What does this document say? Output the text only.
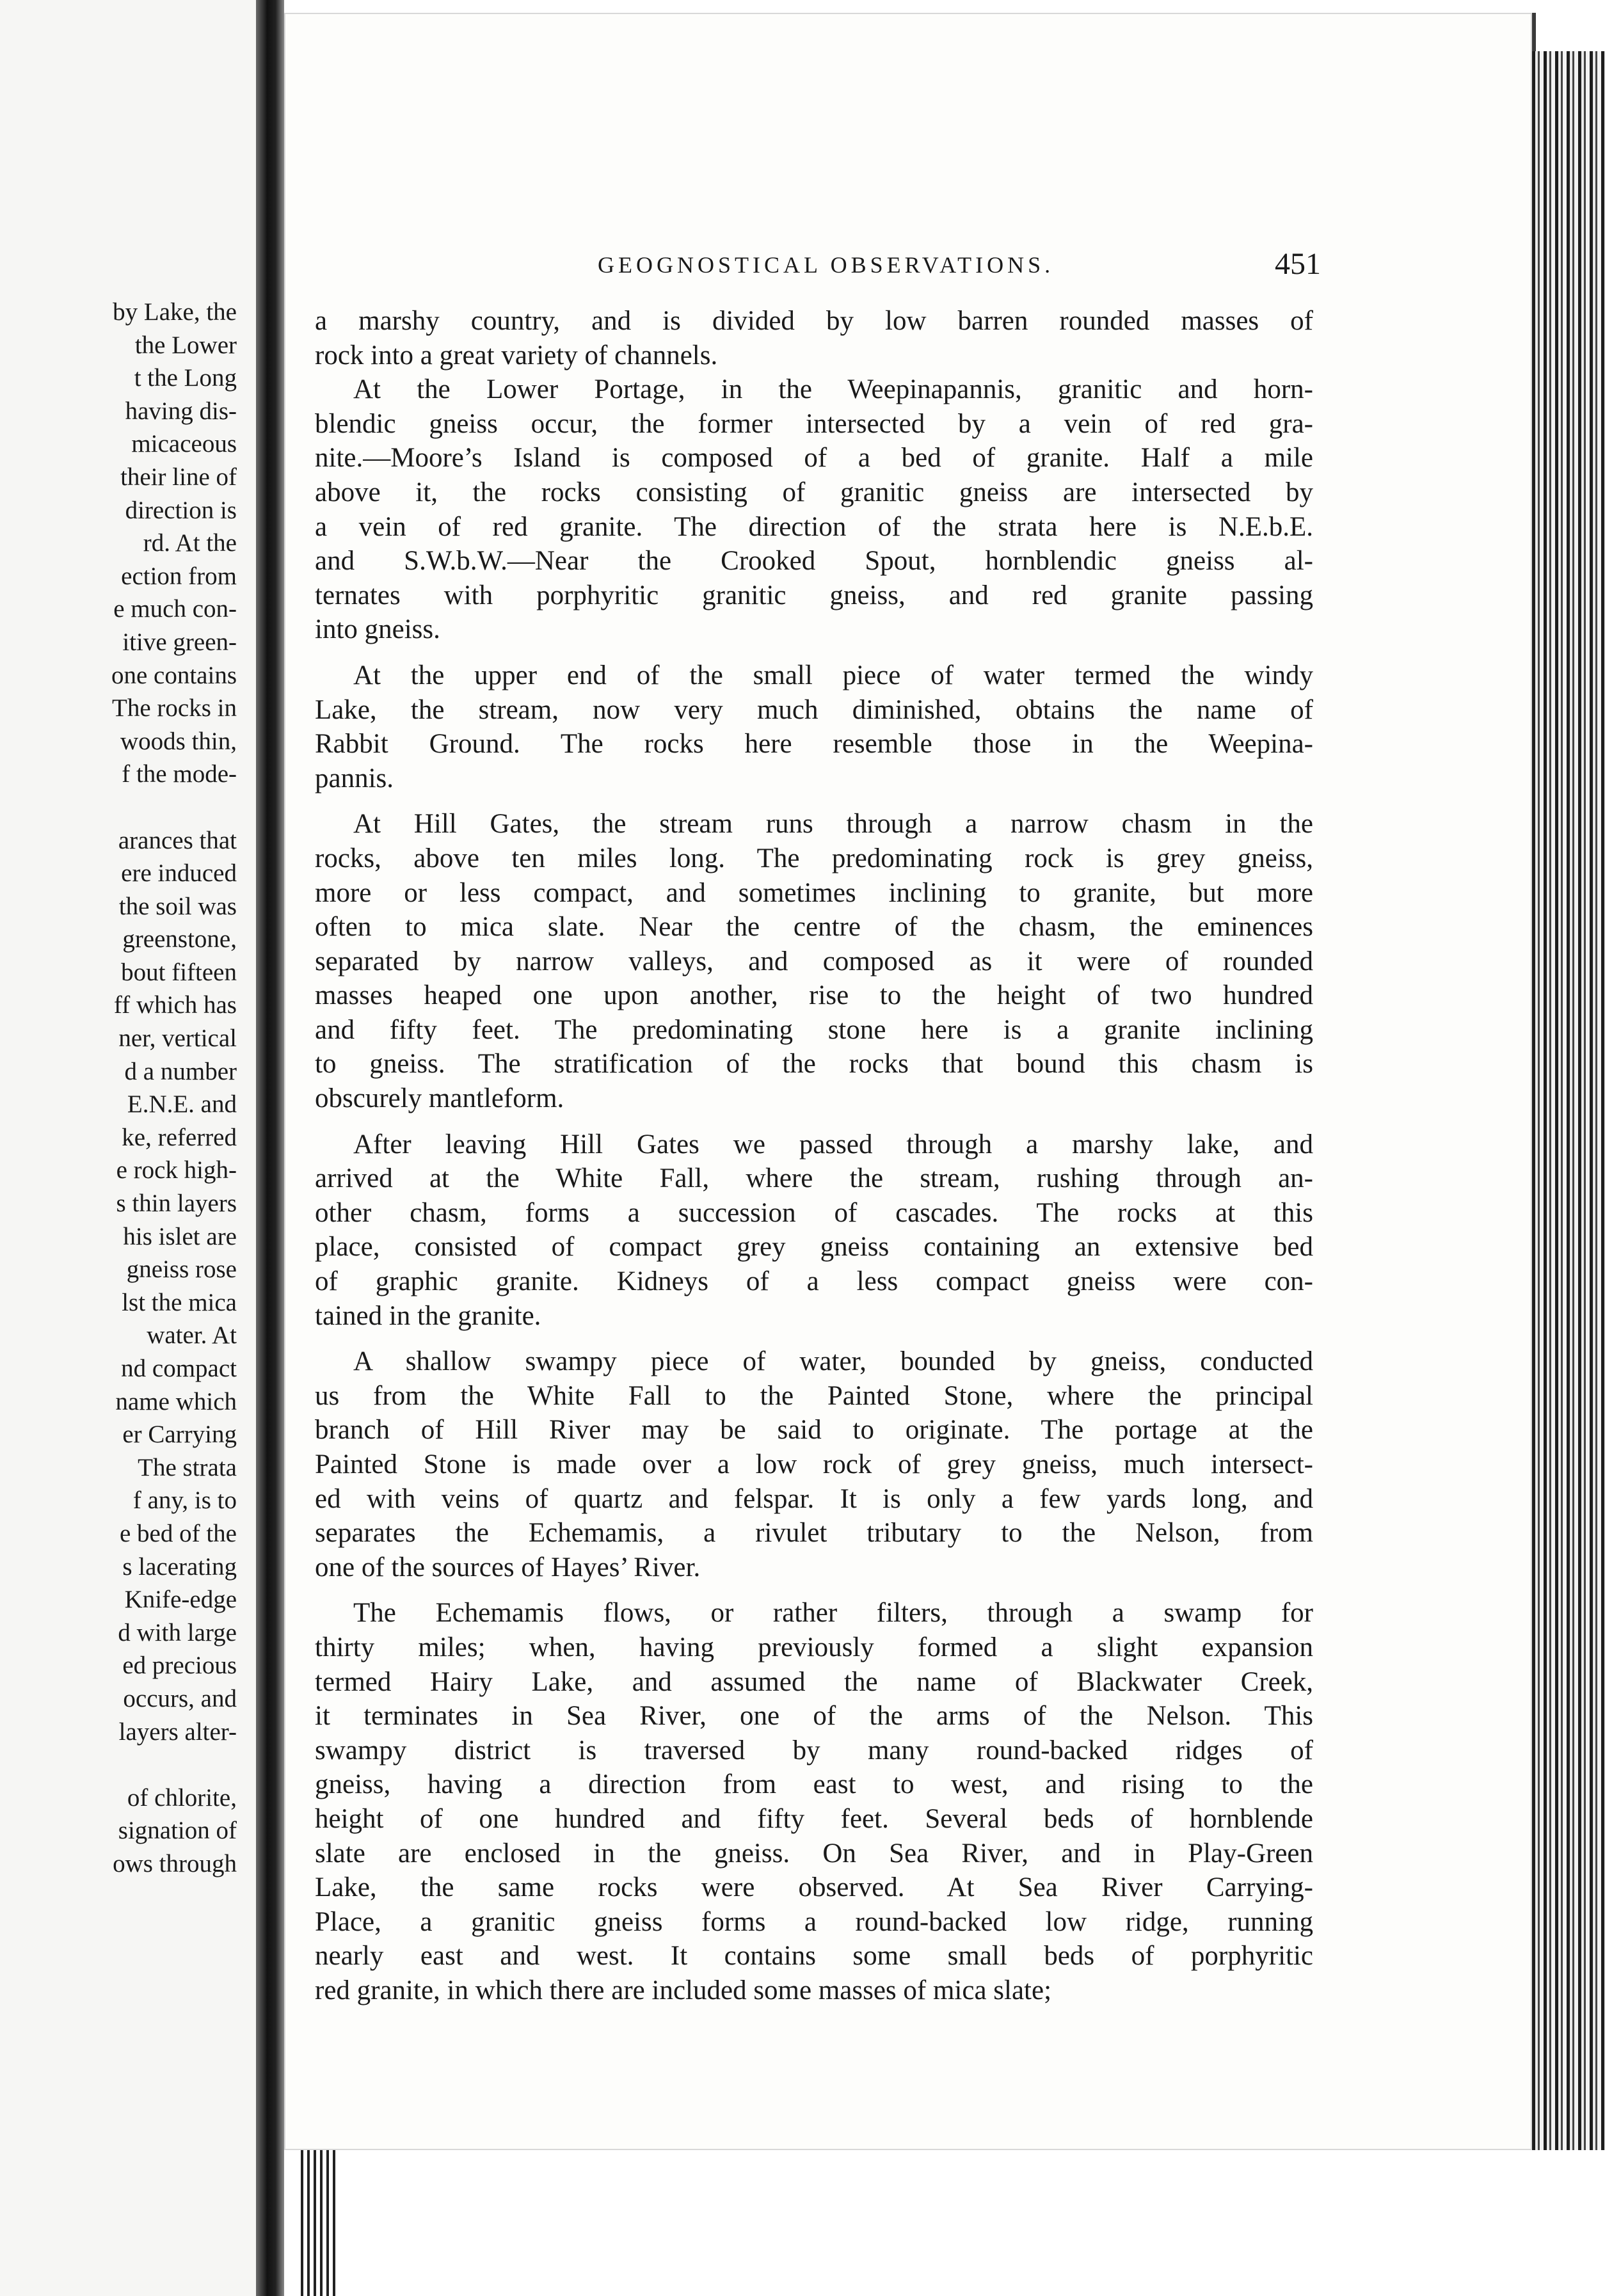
by Lake, the
the Lower
t the Long
having dis-
micaceous
their line of
direction is
rd. At the
ection from
e much con-
itive green-
one contains
The rocks in
woods thin,
f the mode-
arances that
ere induced
the soil was
greenstone,
bout fifteen
ff which has
ner, vertical
d a number
E.N.E. and
ke, referred
e rock high-
s thin layers
his islet are
gneiss rose
lst the mica
water. At
nd compact
name which
er Carrying
The strata
f any, is to
e bed of the
s lacerating
Knife-edge
d with large
ed precious
occurs, and
layers alter-
of chlorite,
signation of
ows through
GEOGNOSTICAL OBSERVATIONS.	451
a marshy country, and is divided by low barren rounded masses of
rock into a great variety of channels.
At the Lower Portage, in the Weepinapannis, granitic and horn-
blendic gneiss occur, the former intersected by a vein of red gra-
nite.—Moore’s Island is composed of a bed of granite. Half a mile
above it, the rocks consisting of granitic gneiss are intersected by
a vein of red granite. The direction of the strata here is N.E.b.E.
and S.W.b.W.—Near the Crooked Spout, hornblendic gneiss al-
ternates with porphyritic granitic gneiss, and red granite passing
into gneiss.
At the upper end of the small piece of water termed the windy
Lake, the stream, now very much diminished, obtains the name of
Rabbit Ground. The rocks here resemble those in the Weepina-
pannis.
At Hill Gates, the stream runs through a narrow chasm in the
rocks, above ten miles long. The predominating rock is grey gneiss,
more or less compact, and sometimes inclining to granite, but more
often to mica slate. Near the centre of the chasm, the eminences
separated by narrow valleys, and composed as it were of rounded
masses heaped one upon another, rise to the height of two hundred
and fifty feet. The predominating stone here is a granite inclining
to gneiss. The stratification of the rocks that bound this chasm is
obscurely mantleform.
After leaving Hill Gates we passed through a marshy lake, and
arrived at the White Fall, where the stream, rushing through an-
other chasm, forms a succession of cascades. The rocks at this
place, consisted of compact grey gneiss containing an extensive bed
of graphic granite. Kidneys of a less compact gneiss were con-
tained in the granite.
A shallow swampy piece of water, bounded by gneiss, conducted
us from the White Fall to the Painted Stone, where the principal
branch of Hill River may be said to originate. The portage at the
Painted Stone is made over a low rock of grey gneiss, much intersect-
ed with veins of quartz and felspar. It is only a few yards long, and
separates the Echemamis, a rivulet tributary to the Nelson, from
one of the sources of Hayes’ River.
The Echemamis flows, or rather filters, through a swamp for
thirty miles; when, having previously formed a slight expansion
termed Hairy Lake, and assumed the name of Blackwater Creek,
it terminates in Sea River, one of the arms of the Nelson. This
swampy district is traversed by many round-backed ridges of
gneiss, having a direction from east to west, and rising to the
height of one hundred and fifty feet. Several beds of hornblende
slate are enclosed in the gneiss. On Sea River, and in Play-Green
Lake, the same rocks were observed. At Sea River Carrying-
Place, a granitic gneiss forms a round-backed low ridge, running
nearly east and west. It contains some small beds of porphyritic
red granite, in which there are included some masses of mica slate;
